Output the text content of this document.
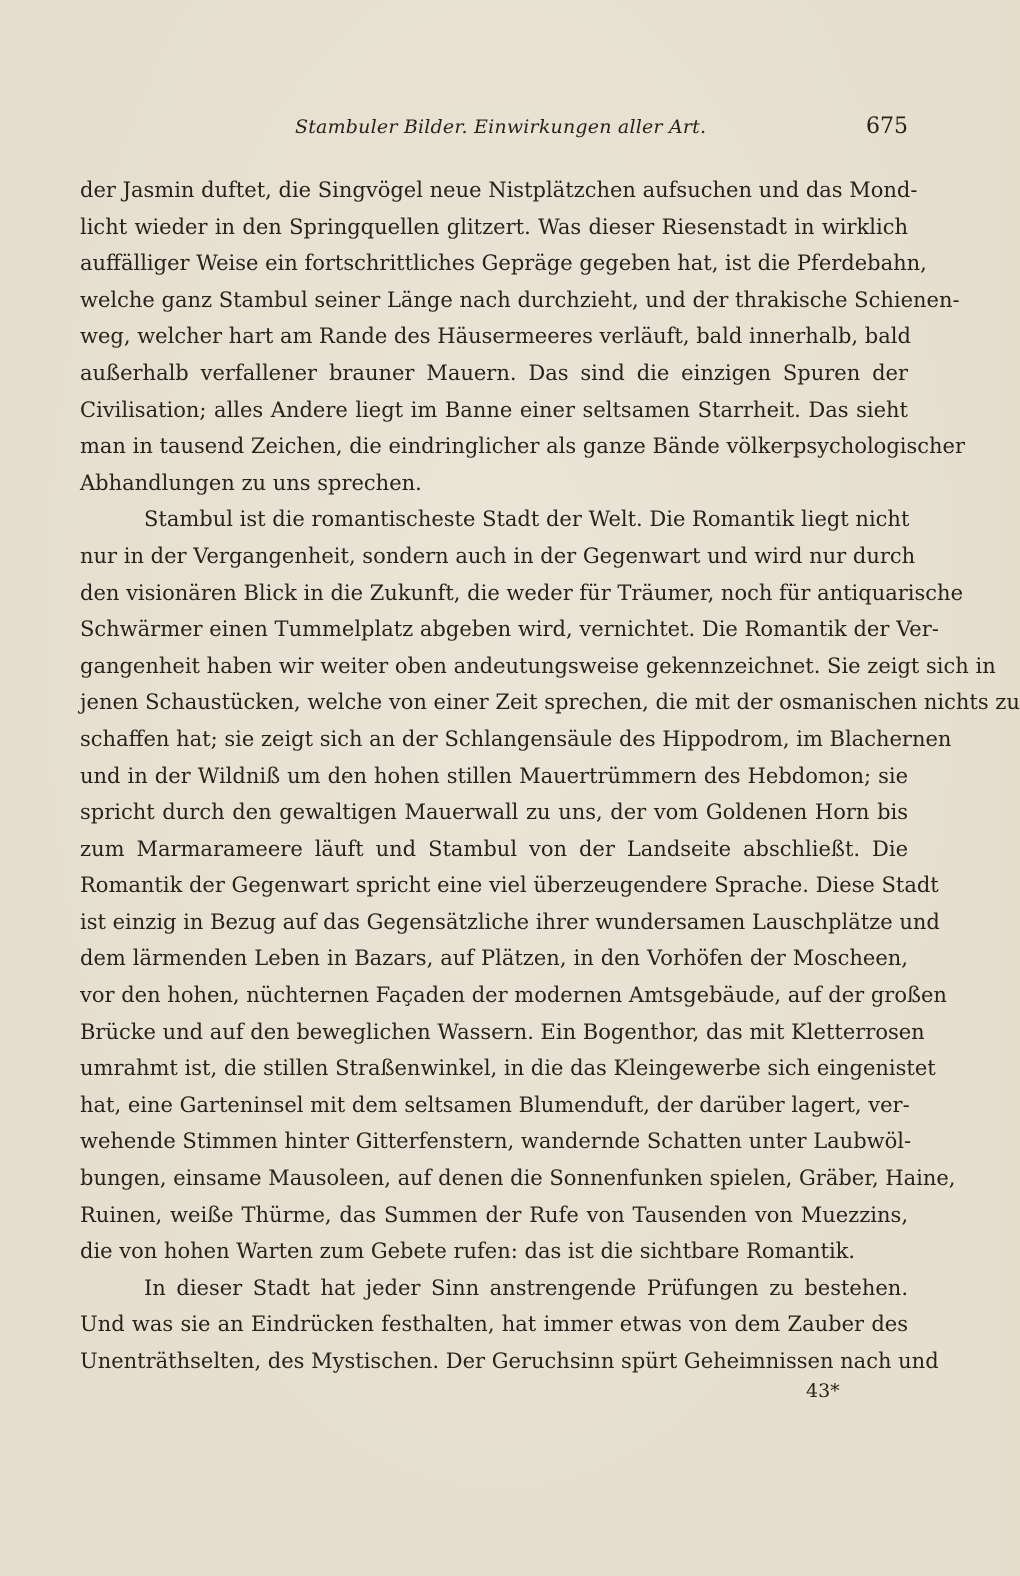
Stambuler Bilder. Einwirkungen aller Art.	675
der Jasmin duftet, die Singvögel neue Nistplätzchen aufsuchen und das Mond-
licht wieder in den Springquellen glitzert. Was dieser Riesenstadt in wirklich
auffälliger Weise ein fortschrittliches Gepräge gegeben hat, ist die Pferdebahn,
welche ganz Stambul seiner Länge nach durchzieht, und der thrakische Schienen-
weg, welcher hart am Rande des Häusermeeres verläuft, bald innerhalb, bald
außerhalb verfallener brauner Mauern. Das sind die einzigen Spuren der
Civilisation; alles Andere liegt im Banne einer seltsamen Starrheit. Das sieht
man in tausend Zeichen, die eindringlicher als ganze Bände völkerpsychologischer
Abhandlungen zu uns sprechen.
Stambul ist die romantischeste Stadt der Welt. Die Romantik liegt nicht
nur in der Vergangenheit, sondern auch in der Gegenwart und wird nur durch
den visionären Blick in die Zukunft, die weder für Träumer, noch für antiquarische
Schwärmer einen Tummelplatz abgeben wird, vernichtet. Die Romantik der Ver-
gangenheit haben wir weiter oben andeutungsweise gekennzeichnet. Sie zeigt sich in
jenen Schaustücken, welche von einer Zeit sprechen, die mit der osmanischen nichts zu
schaffen hat; sie zeigt sich an der Schlangensäule des Hippodrom, im Blachernen
und in der Wildniß um den hohen stillen Mauertrümmern des Hebdomon; sie
spricht durch den gewaltigen Mauerwall zu uns, der vom Goldenen Horn bis
zum Marmarameere läuft und Stambul von der Landseite abschließt. Die
Romantik der Gegenwart spricht eine viel überzeugendere Sprache. Diese Stadt
ist einzig in Bezug auf das Gegensätzliche ihrer wundersamen Lauschplätze und
dem lärmenden Leben in Bazars, auf Plätzen, in den Vorhöfen der Moscheen,
vor den hohen, nüchternen Façaden der modernen Amtsgebäude, auf der großen
Brücke und auf den beweglichen Wassern. Ein Bogenthor, das mit Kletterrosen
umrahmt ist, die stillen Straßenwinkel, in die das Kleingewerbe sich eingenistet
hat, eine Garteninsel mit dem seltsamen Blumenduft, der darüber lagert, ver-
wehende Stimmen hinter Gitterfenstern, wandernde Schatten unter Laubwöl-
bungen, einsame Mausoleen, auf denen die Sonnenfunken spielen, Gräber, Haine,
Ruinen, weiße Thürme, das Summen der Rufe von Tausenden von Muezzins,
die von hohen Warten zum Gebete rufen: das ist die sichtbare Romantik.
In dieser Stadt hat jeder Sinn anstrengende Prüfungen zu bestehen.
Und was sie an Eindrücken festhalten, hat immer etwas von dem Zauber des
Unenträthselten, des Mystischen. Der Geruchsinn spürt Geheimnissen nach und
43*
